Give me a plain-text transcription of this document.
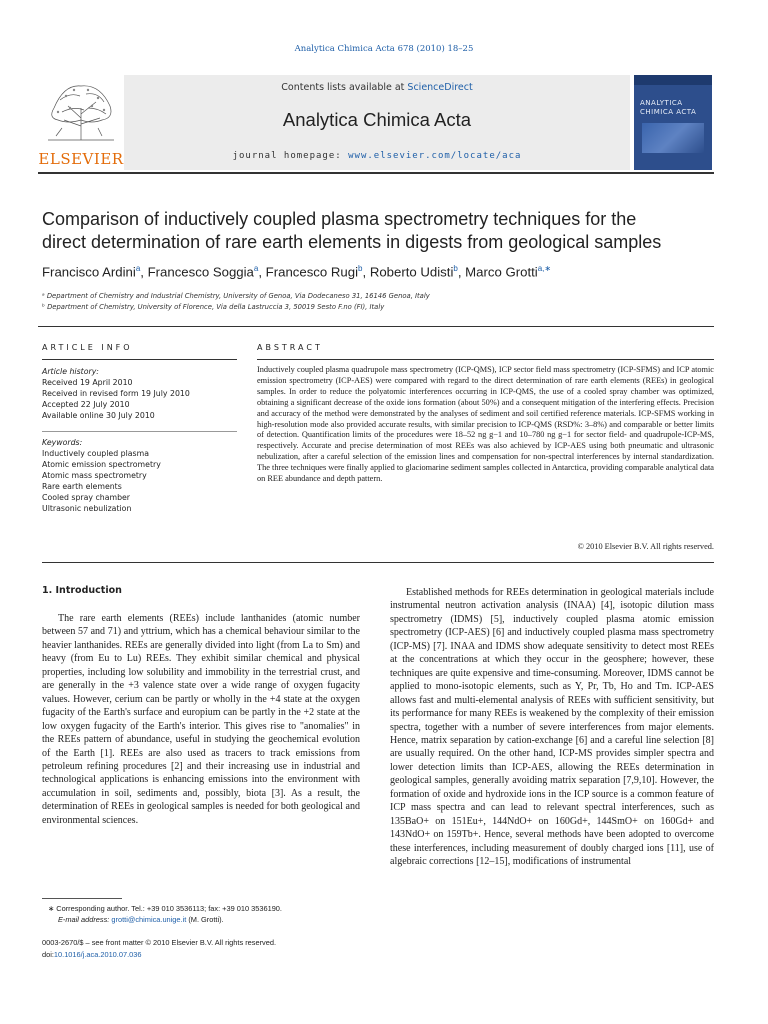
Analytica Chimica Acta 678 (2010) 18–25
ELSEVIER
Contents lists available at ScienceDirect
Analytica Chimica Acta
journal homepage: www.elsevier.com/locate/aca
ANALYTICA CHIMICA ACTA
Comparison of inductively coupled plasma spectrometry techniques for the
direct determination of rare earth elements in digests from geological samples
Francisco Ardini$^a$, Francesco Soggia$^a$, Francesco Rugi$^b$, Roberto Udisti$^b$, Marco Grotti$^{a,∗}$
ᵃ Department of Chemistry and Industrial Chemistry, University of Genoa, Via Dodecaneso 31, 16146 Genoa, Italy
ᵇ Department of Chemistry, University of Florence, Via della Lastruccia 3, 50019 Sesto F.no (FI), Italy
ARTICLE INFO	ABSTRACT
Article history:
Received 19 April 2010
Received in revised form 19 July 2010
Accepted 22 July 2010
Available online 30 July 2010
Keywords:
Inductively coupled plasma
Atomic emission spectrometry
Atomic mass spectrometry
Rare earth elements
Cooled spray chamber
Ultrasonic nebulization
Inductively coupled plasma quadrupole mass spectrometry (ICP-QMS), ICP sector field mass spectrometry (ICP-SFMS) and ICP atomic emission spectrometry (ICP-AES) were compared with regard to the direct determination of rare earth elements (REEs) in geological samples. In order to reduce the polyatomic interferences occurring in ICP-QMS, the use of a cooled spray chamber was optimized, obtaining a significant decrease of the oxide ions formation (about 50%) and a consequent mitigation of the interfering effects. Precision and accuracy of the method were demonstrated by the analyses of sediment and soil certified reference materials. ICP-SFMS working in high-resolution mode also provided accurate results, with similar precision to ICP-QMS (RSD%: 3–8%) and comparable or better limits of detection. Quantification limits of the procedures were 18–52 ng g−1 and 10–780 ng g−1 for sector field- and quadrupole-ICP-MS, respectively. Accurate and precise determination of most REEs was also achieved by ICP-AES using both pneumatic and ultrasonic nebulization, after a careful selection of the emission lines and compensation for non-spectral interferences by internal standardization. The three techniques were finally applied to glaciomarine sediment samples collected in Antarctica, providing comparable analytical data on REE abundance and depth pattern.
© 2010 Elsevier B.V. All rights reserved.
1. Introduction

The rare earth elements (REEs) include lanthanides (atomic number between 57 and 71) and yttrium, which has a chemical behaviour similar to the heavier lanthanides. REEs are generally divided into light (from La to Sm) and heavy (from Eu to Lu) REEs. They exhibit similar chemical and physical properties, including low solubility and immobility in the terrestrial crust, and are generally in the +3 valence state over a wide range of oxygen fugacity values. However, cerium can be partly or wholly in the +4 state at the oxygen fugacity of the Earth's surface and europium can be partly in the +2 state at the low oxygen fugacity of the Earth's interior. This gives rise to "anomalies" in the REEs pattern of abundance, useful in studying the geochemical evolution of the Earth [1]. REEs are also used as tracers to track emissions from petroleum refining procedures [2] and their increasing use in industrial and technological applications is enhancing emissions into the environment with accumulation in soil, sediments and, possibly, biota [3]. As a result, the determination of REEs in geological samples is needed for both geological and environmental sciences.

Established methods for REEs determination in geological materials include instrumental neutron activation analysis (INAA) [4], isotopic dilution mass spectrometry (IDMS) [5], inductively coupled plasma atomic emission spectrometry (ICP-AES) [6] and inductively coupled plasma mass spectrometry (ICP-MS) [7]. INAA and IDMS show adequate sensitivity to detect most REEs at the concentrations at which they occur in the geosphere; however, these techniques are quite expensive and time-consuming. Moreover, IDMS cannot be applied to mono-isotopic elements, such as Y, Pr, Tb, Ho and Tm. ICP-AES allows fast and multi-elemental analysis of REEs with sufficient sensitivity, but its performance for many REEs is weakened by the complexity of their emission spectra, together with a number of severe interferences from major elements. Hence, matrix separation by cation-exchange [6] and a careful line selection [8] are usually required. On the other hand, ICP-MS provides simpler spectra and lower detection limits than ICP-AES, allowing the REEs determination in geological samples, generally avoiding matrix separation [7,9,10]. However, the formation of oxide and hydroxide ions in the ICP source is a common feature of ICP mass spectra and can lead to relevant spectral interferences, such as 135BaO+ on 151Eu+, 144NdO+ on 160Gd+, 144SmO+ on 160Gd+ and 143NdO+ on 159Tb+. Hence, several methods have been adopted to overcome these interferences, including measurement of doubly charged ions [11], use of algebraic corrections [12–15], modifications of instrumental

∗ Corresponding author. Tel.: +39 010 3536113; fax: +39 010 3536190.
E-mail address: grotti@chimica.unige.it (M. Grotti).
0003-2670/$ – see front matter © 2010 Elsevier B.V. All rights reserved.
doi:10.1016/j.aca.2010.07.036
